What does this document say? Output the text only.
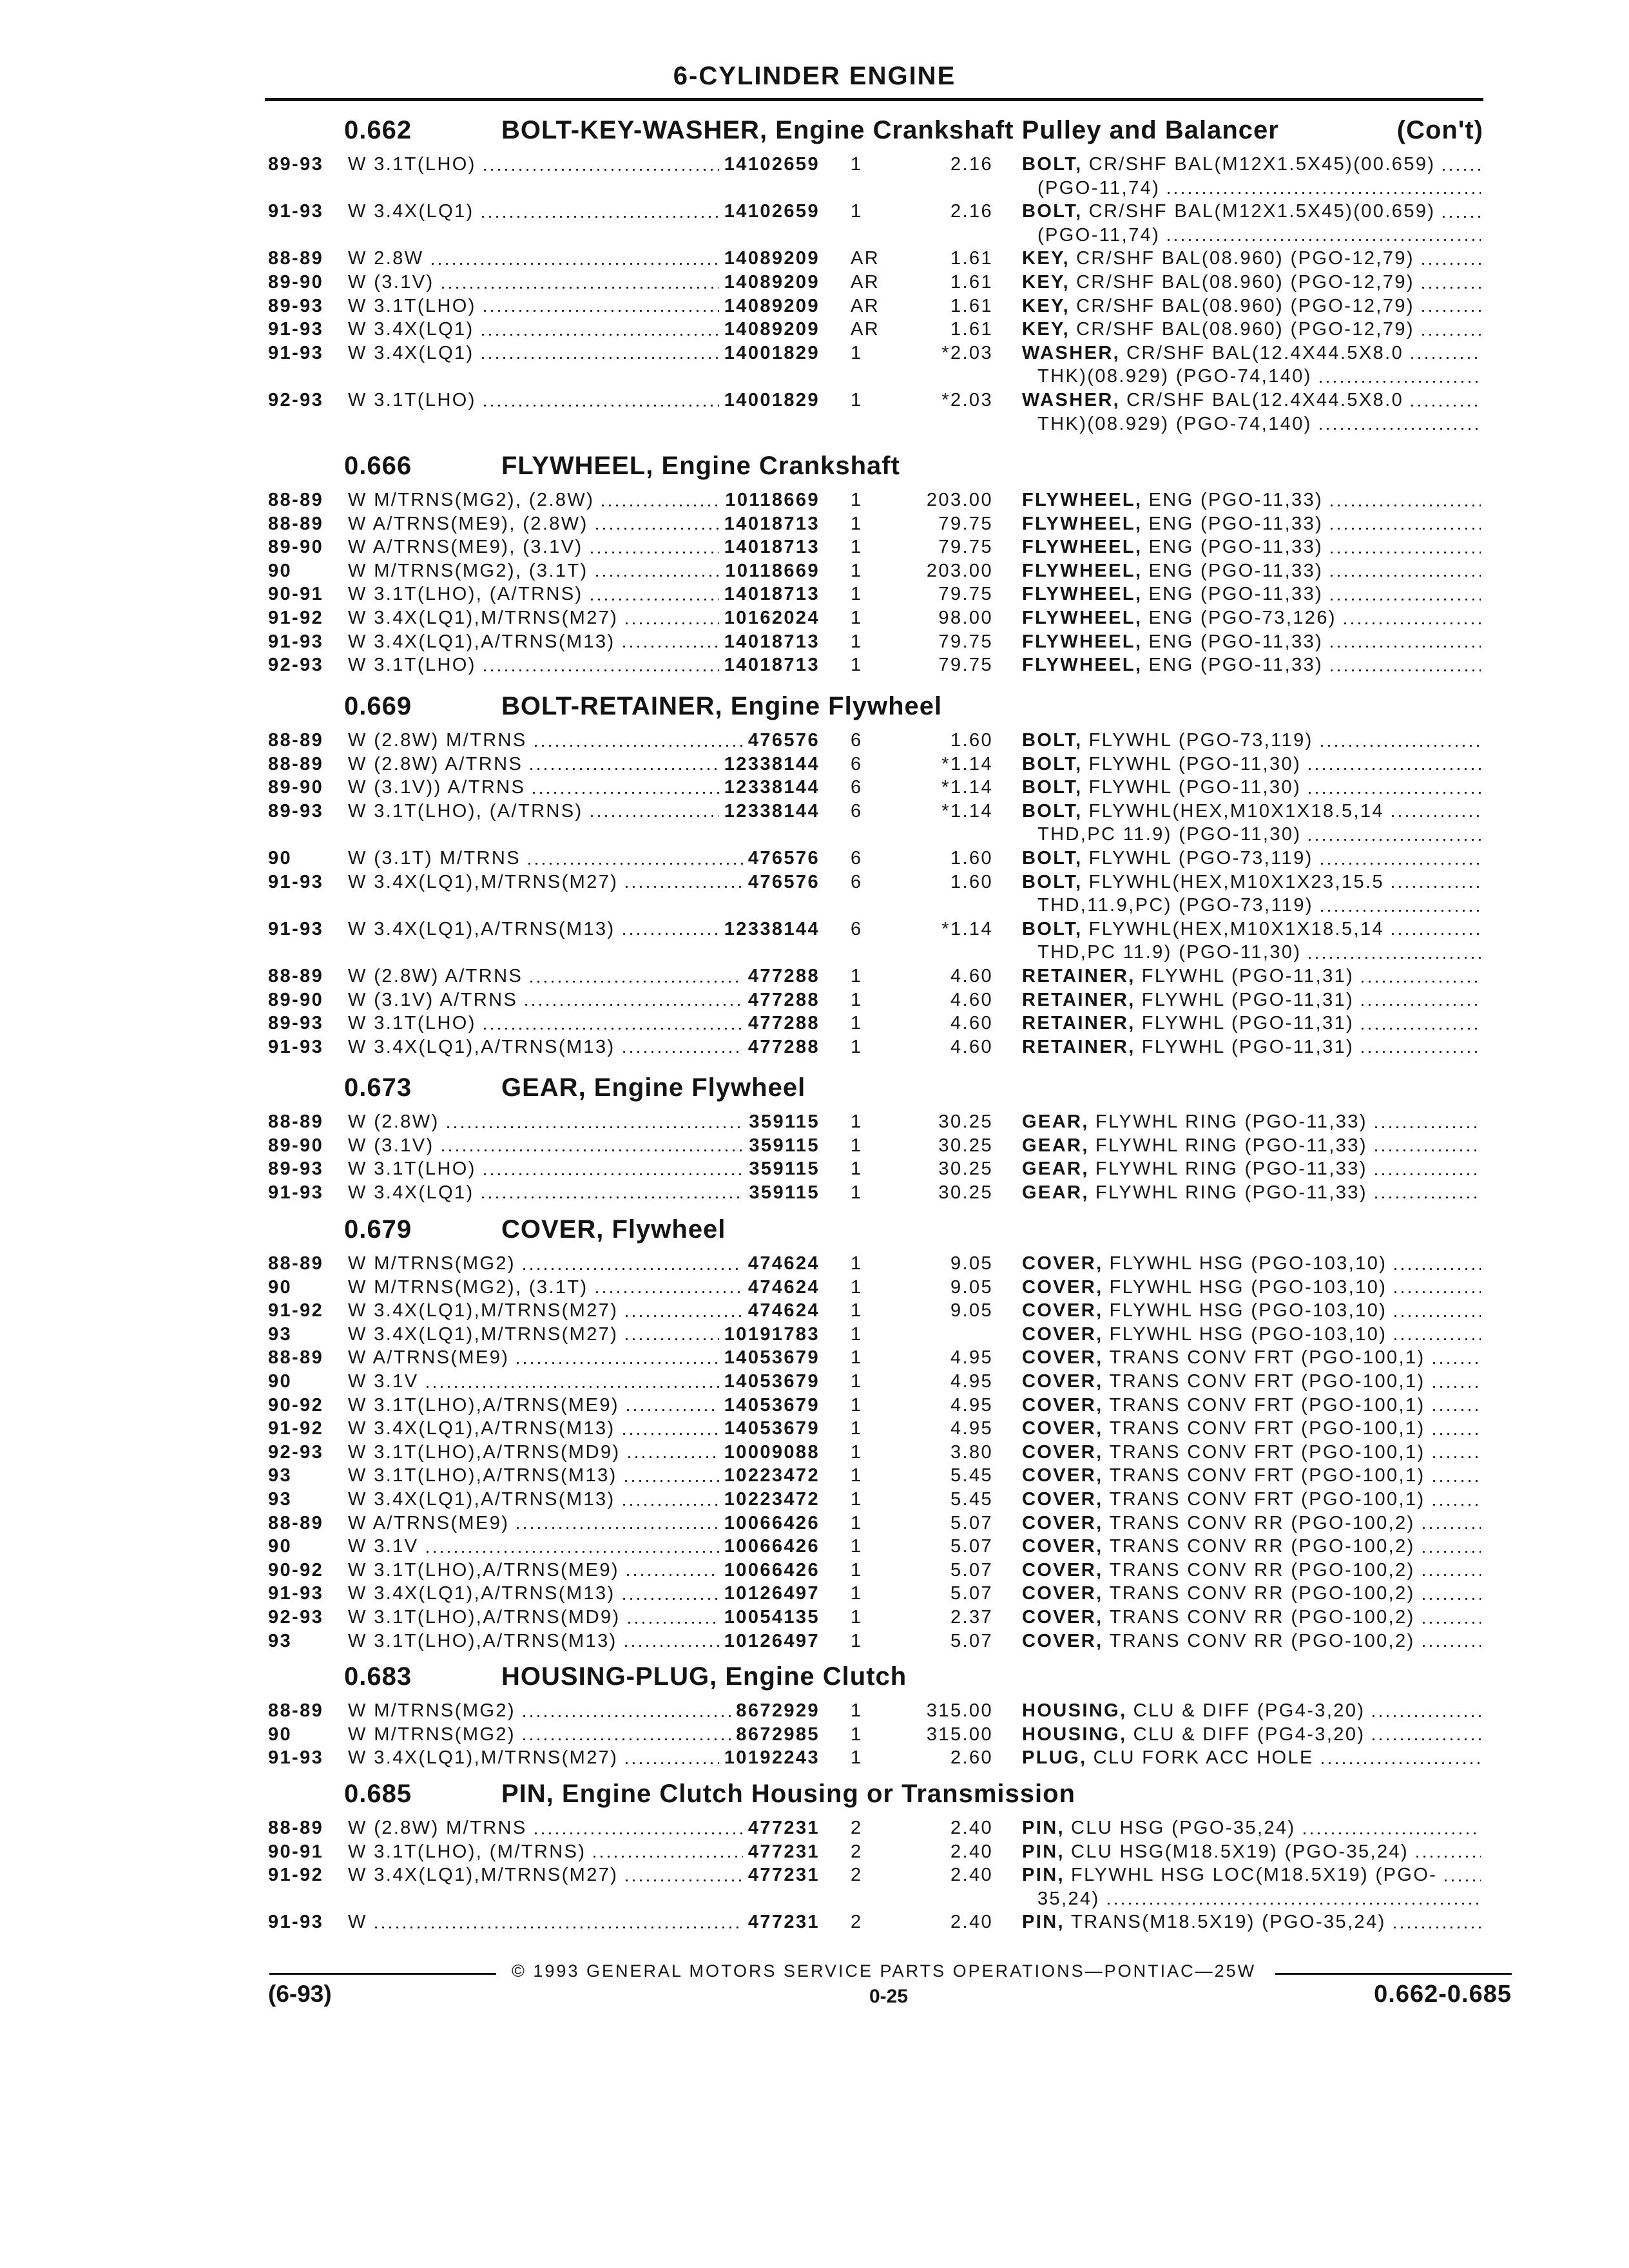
6-CYLINDER ENGINE
0.662	BOLT-KEY-WASHER, Engine Crankshaft Pulley and Balancer	(Con't)
89-93 W 3.1T(LHO)	14102659 1	2.16 BOLT, CR/SHF BAL(M12X1.5X45)(00.659)
(PGO-11,74)
91-93 W 3.4X(LQ1)	14102659 1	2.16 BOLT, CR/SHF BAL(M12X1.5X45)(00.659)
(PGO-11,74)
88-89 W 2.8W	14089209 AR	1.61 KEY, CR/SHF BAL(08.960) (PGO-12,79)
89-90 W (3.1V)	14089209 AR	1.61 KEY, CR/SHF BAL(08.960) (PGO-12,79)
89-93 W 3.1T(LHO)	14089209 AR	1.61 KEY, CR/SHF BAL(08.960) (PGO-12,79)
91-93 W 3.4X(LQ1)	14089209 AR	1.61 KEY, CR/SHF BAL(08.960) (PGO-12,79)
91-93 W 3.4X(LQ1)	14001829 1	*2.03 WASHER, CR/SHF BAL(12.4X44.5X8.0
THK)(08.929) (PGO-74,140)
92-93 W 3.1T(LHO)	14001829 1	*2.03 WASHER, CR/SHF BAL(12.4X44.5X8.0
THK)(08.929) (PGO-74,140)
0.666	FLYWHEEL, Engine Crankshaft
88-89 W M/TRNS(MG2), (2.8W)	10118669 1	203.00 FLYWHEEL, ENG (PGO-11,33)
88-89 W A/TRNS(ME9), (2.8W)	14018713 1	79.75 FLYWHEEL, ENG (PGO-11,33)
89-90 W A/TRNS(ME9), (3.1V)	14018713 1	79.75 FLYWHEEL, ENG (PGO-11,33)
90	W M/TRNS(MG2), (3.1T)	10118669 1	203.00 FLYWHEEL, ENG (PGO-11,33)
90-91 W 3.1T(LHO), (A/TRNS)	14018713 1	79.75 FLYWHEEL, ENG (PGO-11,33)
91-92 W 3.4X(LQ1),M/TRNS(M27)	10162024 1	98.00 FLYWHEEL, ENG (PGO-73,126)
91-93 W 3.4X(LQ1),A/TRNS(M13)	14018713 1	79.75 FLYWHEEL, ENG (PGO-11,33)
92-93 W 3.1T(LHO)	14018713 1	79.75 FLYWHEEL, ENG (PGO-11,33)
0.669	BOLT-RETAINER, Engine Flywheel
88-89 W (2.8W) M/TRNS	476576 6	1.60 BOLT, FLYWHL (PGO-73,119)
88-89 W (2.8W) A/TRNS	12338144 6	*1.14 BOLT, FLYWHL (PGO-11,30)
89-90 W (3.1V)) A/TRNS	12338144 6	*1.14 BOLT, FLYWHL (PGO-11,30)
89-93 W 3.1T(LHO), (A/TRNS)	12338144 6	*1.14 BOLT, FLYWHL(HEX,M10X1X18.5,14
THD,PC 11.9) (PGO-11,30)
90	W (3.1T) M/TRNS	476576 6	1.60 BOLT, FLYWHL (PGO-73,119)
91-93 W 3.4X(LQ1),M/TRNS(M27)	476576 6	1.60 BOLT, FLYWHL(HEX,M10X1X23,15.5
THD,11.9,PC) (PGO-73,119)
91-93 W 3.4X(LQ1),A/TRNS(M13)	12338144 6	*1.14 BOLT, FLYWHL(HEX,M10X1X18.5,14
THD,PC 11.9) (PGO-11,30)
88-89 W (2.8W) A/TRNS	477288 1	4.60 RETAINER, FLYWHL (PGO-11,31)
89-90 W (3.1V) A/TRNS	477288 1	4.60 RETAINER, FLYWHL (PGO-11,31)
89-93 W 3.1T(LHO)	477288 1	4.60 RETAINER, FLYWHL (PGO-11,31)
91-93 W 3.4X(LQ1),A/TRNS(M13)	477288 1	4.60 RETAINER, FLYWHL (PGO-11,31)
0.673	GEAR, Engine Flywheel
88-89 W (2.8W)	359115 1	30.25 GEAR, FLYWHL RING (PGO-11,33)
89-90 W (3.1V)	359115 1	30.25 GEAR, FLYWHL RING (PGO-11,33)
89-93 W 3.1T(LHO)	359115 1	30.25 GEAR, FLYWHL RING (PGO-11,33)
91-93 W 3.4X(LQ1)	359115 1	30.25 GEAR, FLYWHL RING (PGO-11,33)
0.679	COVER, Flywheel
88-89 W M/TRNS(MG2)	474624 1	9.05 COVER, FLYWHL HSG (PGO-103,10)
90	W M/TRNS(MG2), (3.1T)	474624 1	9.05 COVER, FLYWHL HSG (PGO-103,10)
91-92 W 3.4X(LQ1),M/TRNS(M27)	474624 1	9.05 COVER, FLYWHL HSG (PGO-103,10)
93	W 3.4X(LQ1),M/TRNS(M27)	10191783 1	COVER, FLYWHL HSG (PGO-103,10)
88-89 W A/TRNS(ME9)	14053679 1	4.95 COVER, TRANS CONV FRT (PGO-100,1)
90	W 3.1V	14053679 1	4.95 COVER, TRANS CONV FRT (PGO-100,1)
90-92 W 3.1T(LHO),A/TRNS(ME9)	14053679 1	4.95 COVER, TRANS CONV FRT (PGO-100,1)
91-92 W 3.4X(LQ1),A/TRNS(M13)	14053679 1	4.95 COVER, TRANS CONV FRT (PGO-100,1)
92-93 W 3.1T(LHO),A/TRNS(MD9)	10009088 1	3.80 COVER, TRANS CONV FRT (PGO-100,1)
93	W 3.1T(LHO),A/TRNS(M13)	10223472 1	5.45 COVER, TRANS CONV FRT (PGO-100,1)
93	W 3.4X(LQ1),A/TRNS(M13)	10223472 1	5.45 COVER, TRANS CONV FRT (PGO-100,1)
88-89 W A/TRNS(ME9)	10066426 1	5.07 COVER, TRANS CONV RR (PGO-100,2)
90	W 3.1V	10066426 1	5.07 COVER, TRANS CONV RR (PGO-100,2)
90-92 W 3.1T(LHO),A/TRNS(ME9)	10066426 1	5.07 COVER, TRANS CONV RR (PGO-100,2)
91-93 W 3.4X(LQ1),A/TRNS(M13)	10126497 1	5.07 COVER, TRANS CONV RR (PGO-100,2)
92-93 W 3.1T(LHO),A/TRNS(MD9)	10054135 1	2.37 COVER, TRANS CONV RR (PGO-100,2)
93	W 3.1T(LHO),A/TRNS(M13)	10126497 1	5.07 COVER, TRANS CONV RR (PGO-100,2)
0.683	HOUSING-PLUG, Engine Clutch
88-89 W M/TRNS(MG2)	8672929 1	315.00 HOUSING, CLU & DIFF (PG4-3,20)
90	W M/TRNS(MG2)	8672985 1	315.00 HOUSING, CLU & DIFF (PG4-3,20)
91-93 W 3.4X(LQ1),M/TRNS(M27)	10192243 1	2.60 PLUG, CLU FORK ACC HOLE
0.685	PIN, Engine Clutch Housing or Transmission
88-89 W (2.8W) M/TRNS	477231 2	2.40 PIN, CLU HSG (PGO-35,24)
90-91 W 3.1T(LHO), (M/TRNS)	477231 2	2.40 PIN, CLU HSG(M18.5X19) (PGO-35,24)
91-92 W 3.4X(LQ1),M/TRNS(M27)	477231 2	2.40 PIN, FLYWHL HSG LOC(M18.5X19) (PGO-
35,24)
91-93 W	477231 2	2.40 PIN, TRANS(M18.5X19) (PGO-35,24)
© 1993 GENERAL MOTORS SERVICE PARTS OPERATIONS—PONTIAC—25W
(6-93)	0-25	0.662-0.685
